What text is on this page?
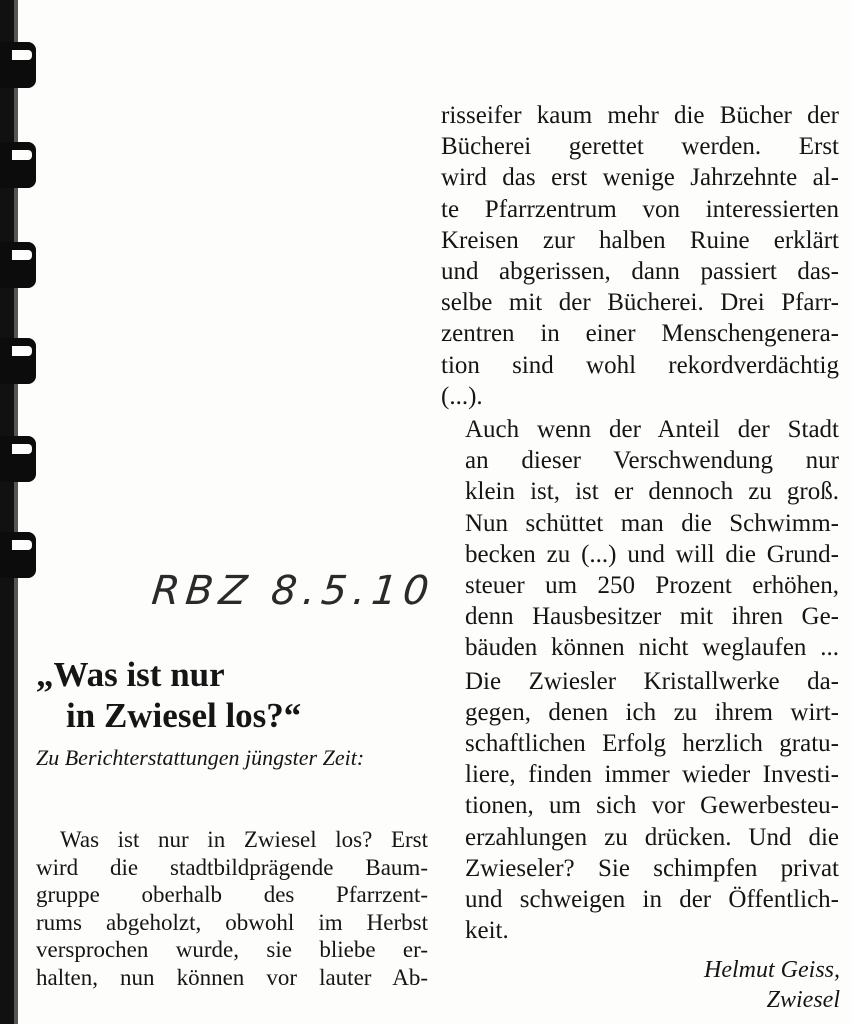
risseifer kaum mehr die Bücher der
Bücherei gerettet werden. Erst
wird das erst wenige Jahrzehnte al-
te Pfarrzentrum von interessierten
Kreisen zur halben Ruine erklärt
und abgerissen, dann passiert das-
selbe mit der Bücherei. Drei Pfarr-
zentren in einer Menschengenera-
tion sind wohl rekordverdächtig
(...).

Auch wenn der Anteil der Stadt
an dieser Verschwendung nur
klein ist, ist er dennoch zu groß.
Nun schüttet man die Schwimm-
becken zu (...) und will die Grund-
steuer um 250 Prozent erhöhen,
denn Hausbesitzer mit ihren Ge-
bäuden können nicht weglaufen ...

Die Zwiesler Kristallwerke da-
gegen, denen ich zu ihrem wirt-
schaftlichen Erfolg herzlich gratu-
liere, finden immer wieder Investi-
tionen, um sich vor Gewerbesteu-
erzahlungen zu drücken. Und die
Zwieseler? Sie schimpfen privat
und schweigen in der Öffentlich-
keit.

RBZ 8.5.10
„Was ist nur
in Zwiesel los?“

Zu Berichterstattungen jüngster Zeit:

Was ist nur in Zwiesel los? Erst
wird die stadtbildprägende Baum-
gruppe oberhalb des Pfarrzent-
rums abgeholzt, obwohl im Herbst
versprochen wurde, sie bliebe er-
halten, nun können vor lauter Ab-	Helmut Geiss,
Zwiesel
